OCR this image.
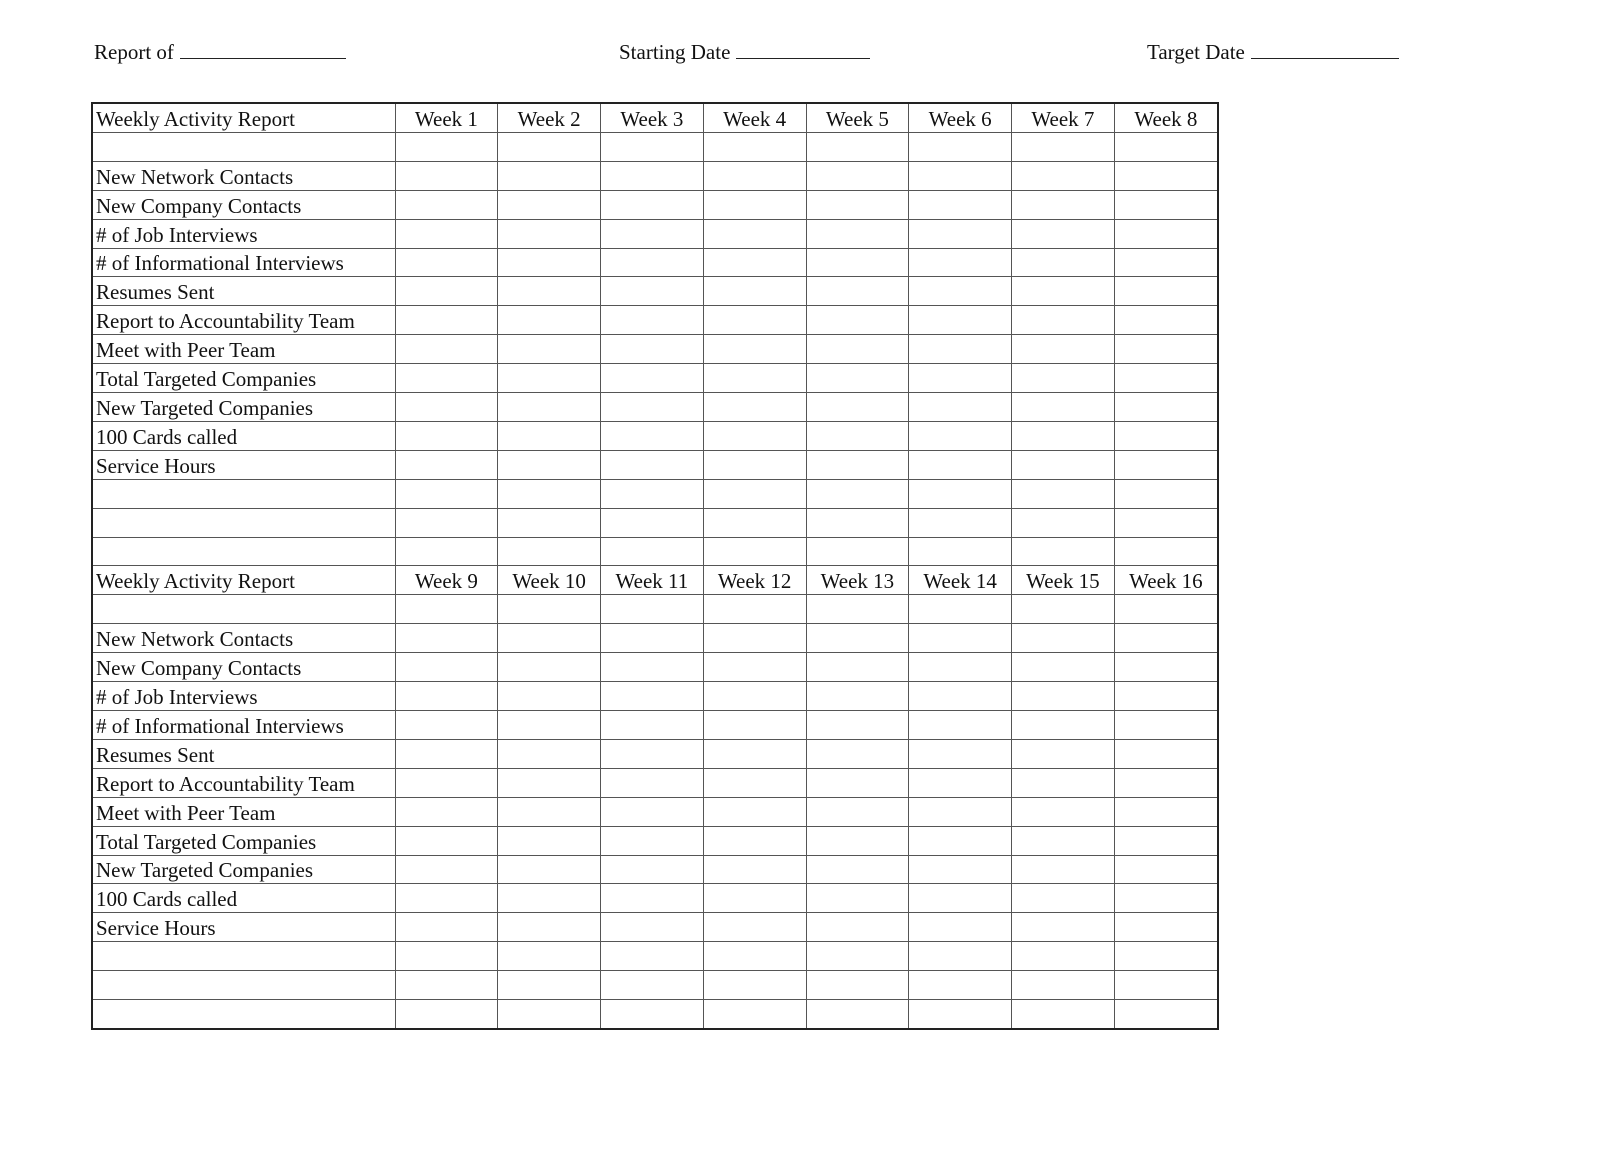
Report of	Starting Date	Target Date
Weekly Activity Report	Week 1	Week 2	Week 3	Week 4	Week 5	Week 6	Week 7	Week 8

New Network Contacts								
New Company Contacts								
# of Job Interviews								
# of Informational Interviews								
Resumes Sent								
Report to Accountability Team								
Meet with Peer Team								
Total Targeted Companies								
New Targeted Companies								
100 Cards called								
Service Hours								

Weekly Activity Report	Week 9	Week 10	Week 11	Week 12	Week 13	Week 14	Week 15	Week 16

New Network Contacts								
New Company Contacts								
# of Job Interviews								
# of Informational Interviews								
Resumes Sent								
Report to Accountability Team								
Meet with Peer Team								
Total Targeted Companies								
New Targeted Companies								
100 Cards called								
Service Hours								
